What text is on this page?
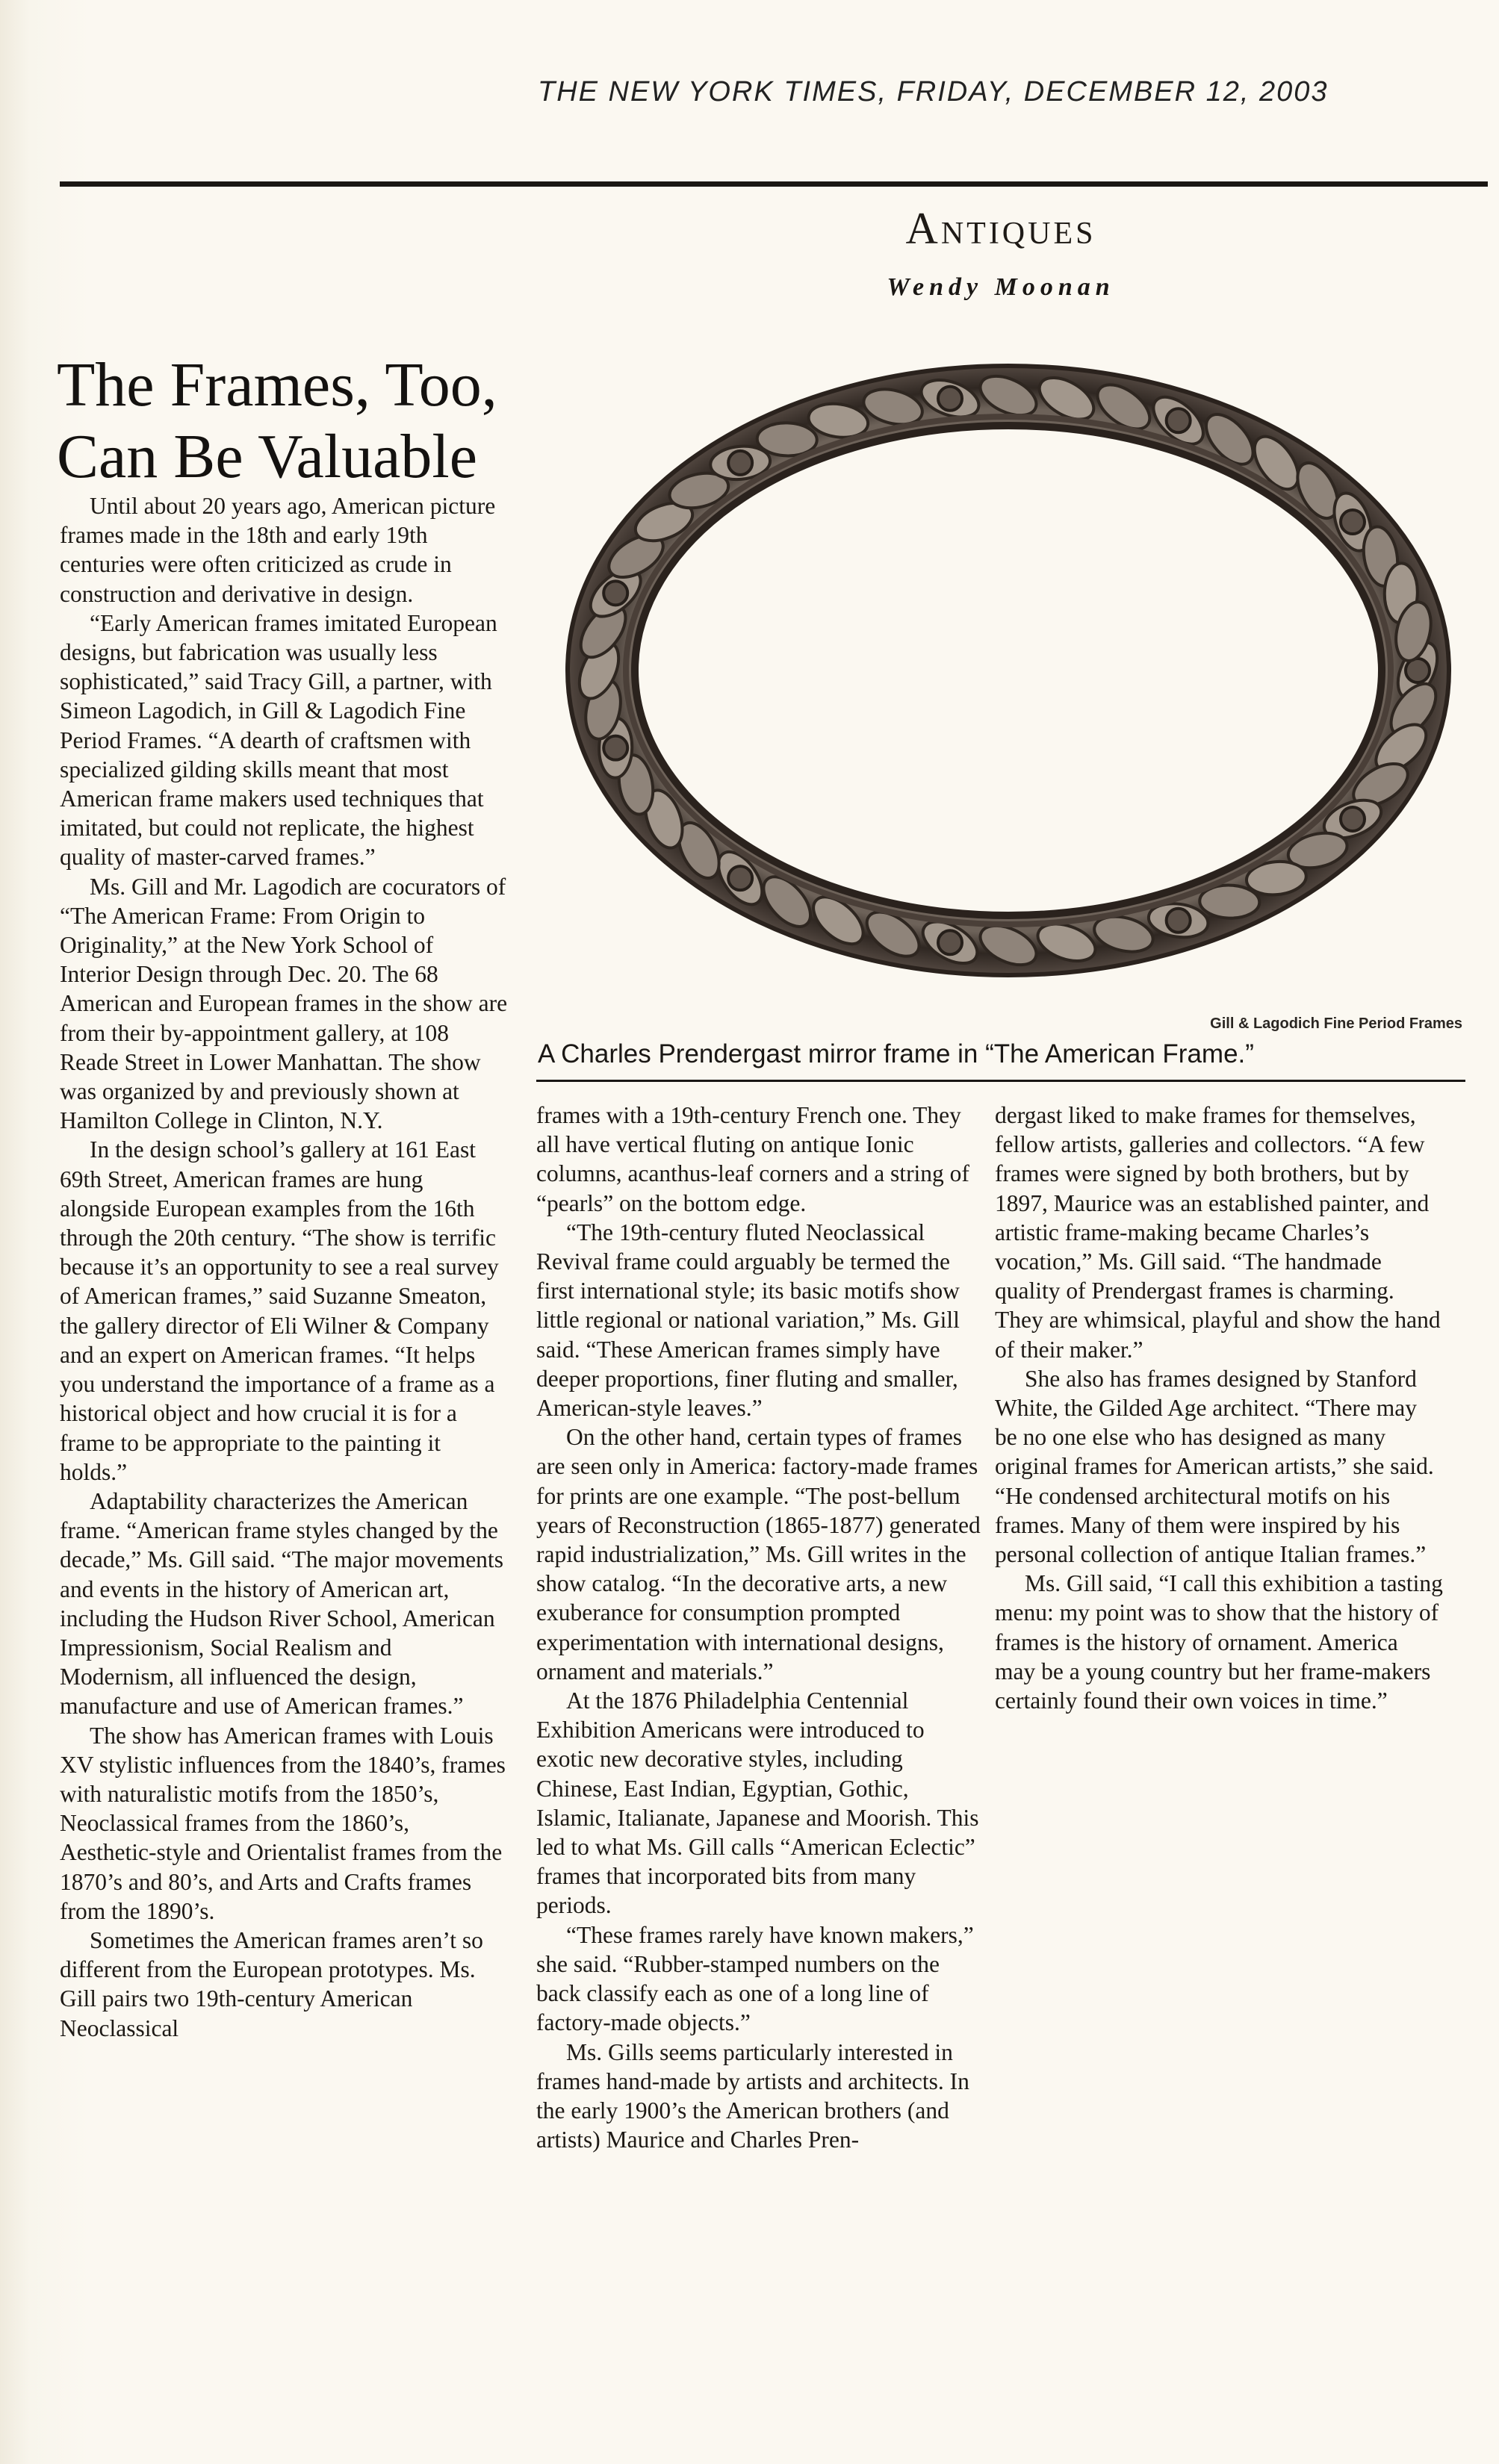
THE NEW YORK TIMES, FRIDAY, DECEMBER 12, 2003
Antiques
Wendy Moonan
The Frames, Too, Can Be Valuable
Gill & Lagodich Fine Period Frames
A Charles Prendergast mirror frame in “The American Frame.”

Until about 20 years ago, American picture frames made in the 18th and early 19th centuries were often criticized as crude in construction and derivative in design.

“Early American frames imitated European designs, but fabrication was usually less sophisticated,” said Tracy Gill, a partner, with Simeon Lagodich, in Gill & Lagodich Fine Period Frames. “A dearth of craftsmen with specialized gilding skills meant that most American frame makers used techniques that imitated, but could not replicate, the highest quality of master-carved frames.”

Ms. Gill and Mr. Lagodich are cocurators of “The American Frame: From Origin to Originality,” at the New York School of Interior Design through Dec. 20. The 68 American and European frames in the show are from their by-appointment gallery, at 108 Reade Street in Lower Manhattan. The show was organized by and previously shown at Hamilton College in Clinton, N.Y.

In the design school’s gallery at 161 East 69th Street, American frames are hung alongside European examples from the 16th through the 20th century. “The show is terrific because it’s an opportunity to see a real survey of American frames,” said Suzanne Smeaton, the gallery director of Eli Wilner & Company and an expert on American frames. “It helps you understand the importance of a frame as a historical object and how crucial it is for a frame to be appropriate to the painting it holds.”

Adaptability characterizes the American frame. “American frame styles changed by the decade,” Ms. Gill said. “The major movements and events in the history of American art, including the Hudson River School, American Impressionism, Social Realism and Modernism, all influenced the design, manufacture and use of American frames.”

The show has American frames with Louis XV stylistic influences from the 1840’s, frames with naturalistic motifs from the 1850’s, Neoclassical frames from the 1860’s, Aesthetic-style and Orientalist frames from the 1870’s and 80’s, and Arts and Crafts frames from the 1890’s.

Sometimes the American frames aren’t so different from the European prototypes. Ms. Gill pairs two 19th-century American Neoclassical

frames with a 19th-century French one. They all have vertical fluting on antique Ionic columns, acanthus-leaf corners and a string of “pearls” on the bottom edge.

“The 19th-century fluted Neoclassical Revival frame could arguably be termed the first international style; its basic motifs show little regional or national variation,” Ms. Gill said. “These American frames simply have deeper proportions, finer fluting and smaller, American-style leaves.”

On the other hand, certain types of frames are seen only in America: factory-made frames for prints are one example. “The post-bellum years of Reconstruction (1865-1877) generated rapid industrialization,” Ms. Gill writes in the show catalog. “In the decorative arts, a new exuberance for consumption prompted experimentation with international designs, ornament and materials.”

At the 1876 Philadelphia Centennial Exhibition Americans were introduced to exotic new decorative styles, including Chinese, East Indian, Egyptian, Gothic, Islamic, Italianate, Japanese and Moorish. This led to what Ms. Gill calls “American Eclectic” frames that incorporated bits from many periods.

“These frames rarely have known makers,” she said. “Rubber-stamped numbers on the back classify each as one of a long line of factory-made objects.”

Ms. Gills seems particularly interested in frames hand-made by artists and architects. In the early 1900’s the American brothers (and artists) Maurice and Charles Pren-

dergast liked to make frames for themselves, fellow artists, galleries and collectors. “A few frames were signed by both brothers, but by 1897, Maurice was an established painter, and artistic frame-making became Charles’s vocation,” Ms. Gill said. “The handmade quality of Prendergast frames is charming. They are whimsical, playful and show the hand of their maker.”

She also has frames designed by Stanford White, the Gilded Age architect. “There may be no one else who has designed as many original frames for American artists,” she said. “He condensed architectural motifs on his frames. Many of them were inspired by his personal collection of antique Italian frames.”

Ms. Gill said, “I call this exhibition a tasting menu: my point was to show that the history of frames is the history of ornament. America may be a young country but her frame-makers certainly found their own voices in time.”
